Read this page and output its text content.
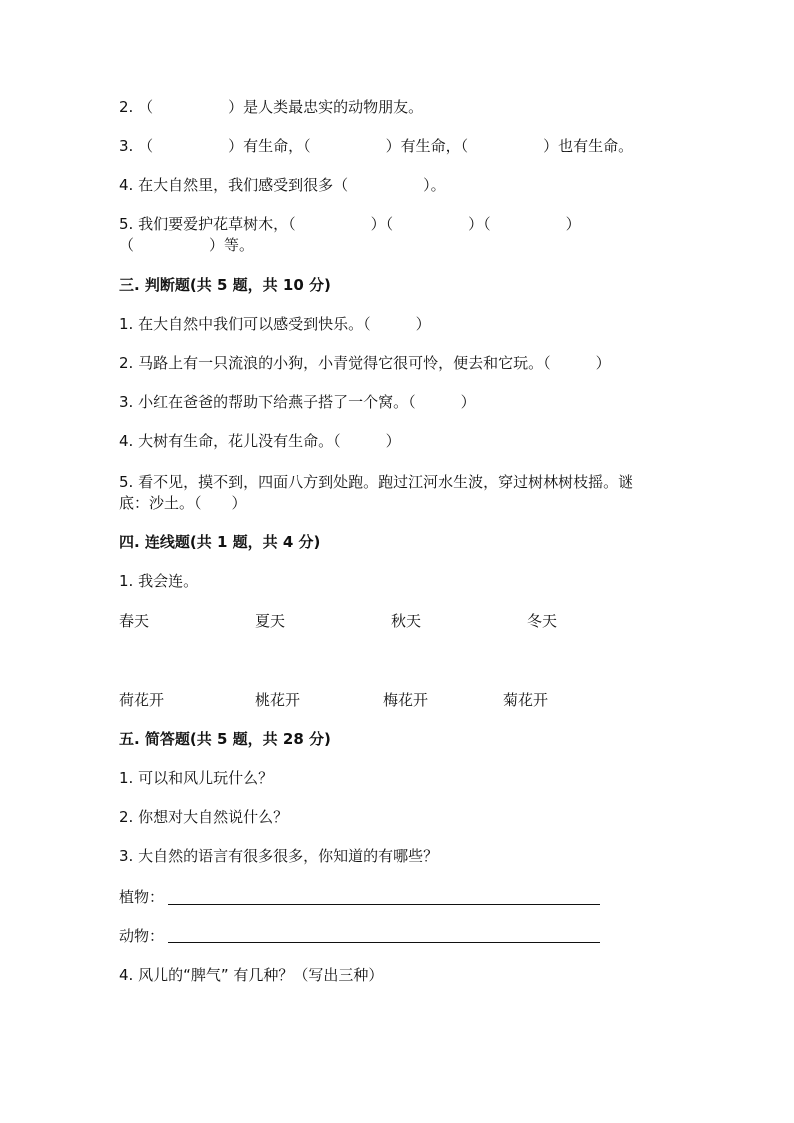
2. （　　　　　）是人类最忠实的动物朋友。
3. （　　　　　）有生命，（　　　　　）有生命，（　　　　　）也有生命。
4. 在大自然里，我们感受到很多（　　　　　）。
5. 我们要爱护花草树木，（　　　　　）（　　　　　）（　　　　　）
（　　　　　）等。
三. 判断题(共 5 题，共 10 分)
1. 在大自然中我们可以感受到快乐。（　　　）
2. 马路上有一只流浪的小狗，小青觉得它很可怜，便去和它玩。（　　　）
3. 小红在爸爸的帮助下给燕子搭了一个窝。（　　　）
4. 大树有生命，花儿没有生命。（　　　）
5. 看不见，摸不到，四面八方到处跑。跑过江河水生波，穿过树林树枝摇。谜
底：沙土。（　　）
四. 连线题(共 1 题，共 4 分)
1. 我会连。
春天	夏天	秋天	冬天
荷花开	桃花开	梅花开	菊花开
五. 简答题(共 5 题，共 28 分)
1. 可以和风儿玩什么？
2. 你想对大自然说什么？
3. 大自然的语言有很多很多，你知道的有哪些？
植物：
动物：
4. 风儿的“脾气” 有几种？（写出三种）
